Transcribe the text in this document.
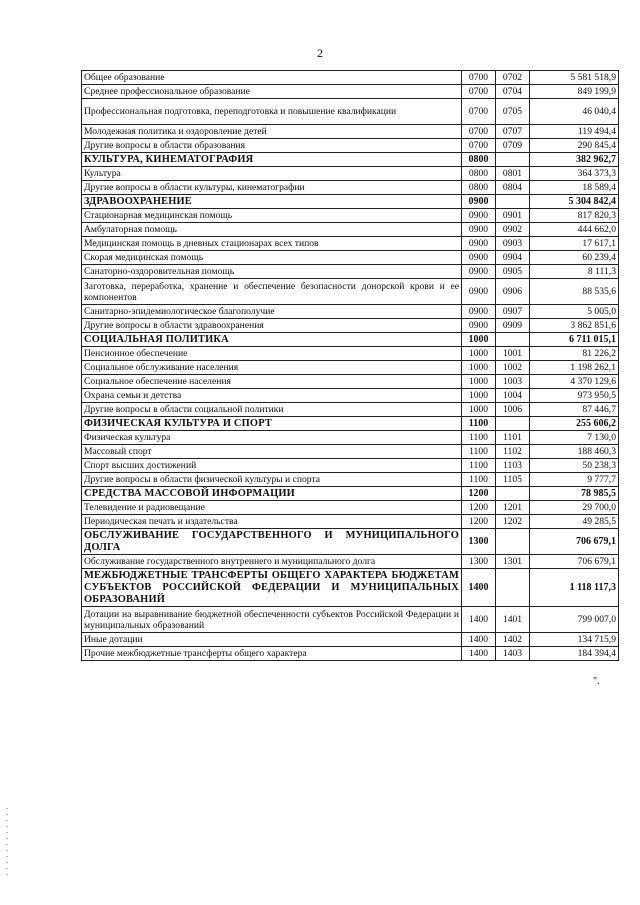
2
Общее образование	0700	0702	5 581 518,9
Среднее профессиональное образование	0700	0704	849 199,9
Профессиональная подготовка, переподготовка и повышение квалификации	0700	0705	46 040,4
Молодежная политика и оздоровление детей	0700	0707	119 494,4
Другие вопросы в области образования	0700	0709	290 845,4
КУЛЬТУРА, КИНЕМАТОГРАФИЯ	0800		382 962,7
Культура	0800	0801	364 373,3
Другие вопросы в области культуры, кинематографии	0800	0804	18 589,4
ЗДРАВООХРАНЕНИЕ	0900		5 304 842,4
Стационарная медицинская помощь	0900	0901	817 820,3
Амбулаторная помощь	0900	0902	444 662,0
Медицинская помощь в дневных стационарах всех типов	0900	0903	17 617,1
Скорая медицинская помощь	0900	0904	60 239,4
Санаторно-оздоровительная помощь	0900	0905	8 111,3
Заготовка, переработка, хранение и обеспечение безопасности донорской крови и ее компонентов	0900	0906	88 535,6
Санитарно-эпидемиологическое благополучие	0900	0907	5 005,0
Другие вопросы в области здравоохранения	0900	0909	3 862 851,6
СОЦИАЛЬНАЯ ПОЛИТИКА	1000		6 711 015,1
Пенсионное обеспечение	1000	1001	81 226,2
Социальное обслуживание населения	1000	1002	1 198 262,1
Социальное обеспечение населения	1000	1003	4 370 129,6
Охрана семьи и детства	1000	1004	973 950,5
Другие вопросы в области социальной политики	1000	1006	87 446,7
ФИЗИЧЕСКАЯ КУЛЬТУРА И СПОРТ	1100		255 606,2
Физическая культура	1100	1101	7 130,0
Массовый спорт	1100	1102	188 460,3
Спорт высших достижений	1100	1103	50 238,3
Другие вопросы в области физической культуры и спорта	1100	1105	9 777,7
СРЕДСТВА МАССОВОЙ ИНФОРМАЦИИ	1200		78 985,5
Телевидение и радиовещание	1200	1201	29 700,0
Периодическая печать и издательства	1200	1202	49 285,5
ОБСЛУЖИВАНИЕ ГОСУДАРСТВЕННОГО И МУНИЦИПАЛЬНОГО ДОЛГА	1300		706 679,1
Обслуживание государственного внутреннего и муниципального долга	1300	1301	706 679,1
МЕЖБЮДЖЕТНЫЕ ТРАНСФЕРТЫ ОБЩЕГО ХАРАКТЕРА БЮДЖЕТАМ СУБЪЕКТОВ РОССИЙСКОЙ ФЕДЕРАЦИИ И МУНИЦИПАЛЬНЫХ ОБРАЗОВАНИЙ	1400		1 118 117,3
Дотации на выравнивание бюджетной обеспеченности субъектов Российской Федерации и муниципальных образований	1400	1401	799 007,0
Иные дотации	1400	1402	134 715,9
Прочие межбюджетные трансферты общего характера	1400	1403	184 394,4
".
